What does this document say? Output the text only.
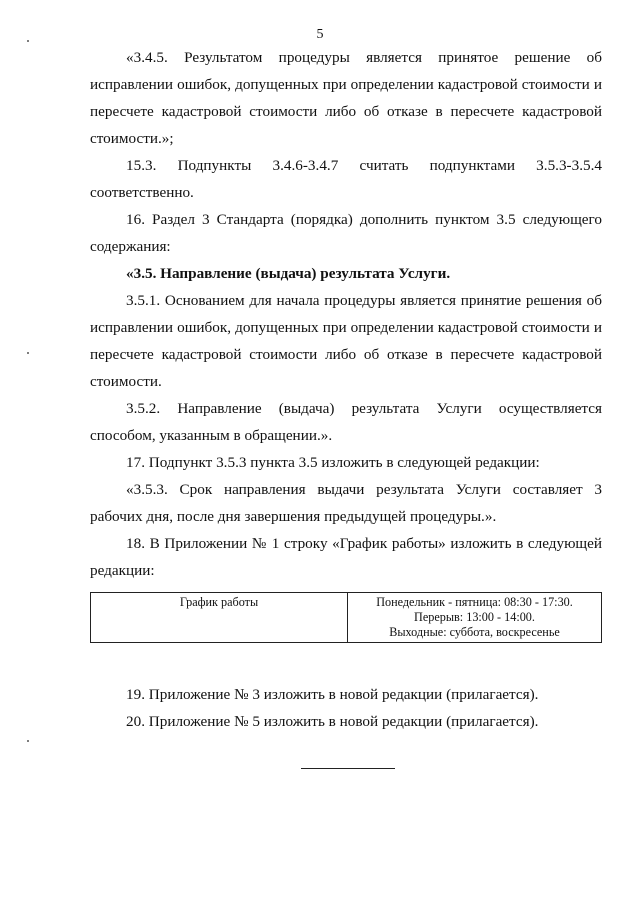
5

«3.4.5. Результатом процедуры является принятое решение об исправлении ошибок, допущенных при определении кадастровой стоимости и пересчете кадастровой стоимости либо об отказе в пересчете кадастровой стоимости.»;

15.3. Подпункты 3.4.6-3.4.7 считать подпунктами 3.5.3-3.5.4 соответственно.

16. Раздел 3 Стандарта (порядка) дополнить пунктом 3.5 следующего содержания:

«3.5. Направление (выдача) результата Услуги.

3.5.1. Основанием для начала процедуры является принятие решения об исправлении ошибок, допущенных при определении кадастровой стоимости и пересчете кадастровой стоимости либо об отказе в пересчете кадастровой стоимости.

3.5.2. Направление (выдача) результата Услуги осуществляется способом, указанным в обращении.».

17. Подпункт 3.5.3 пункта 3.5 изложить в следующей редакции:

«3.5.3. Срок направления выдачи результата Услуги составляет 3 рабочих дня, после дня завершения предыдущей процедуры.».

18. В Приложении № 1 строку «График работы» изложить в следующей редакции:

График работы	Понедельник - пятница: 08:30 - 17:30.
Перерыв: 13:00 - 14:00.
Выходные: суббота, воскресенье

19. Приложение № 3 изложить в новой редакции (прилагается).

20. Приложение № 5 изложить в новой редакции (прилагается).
